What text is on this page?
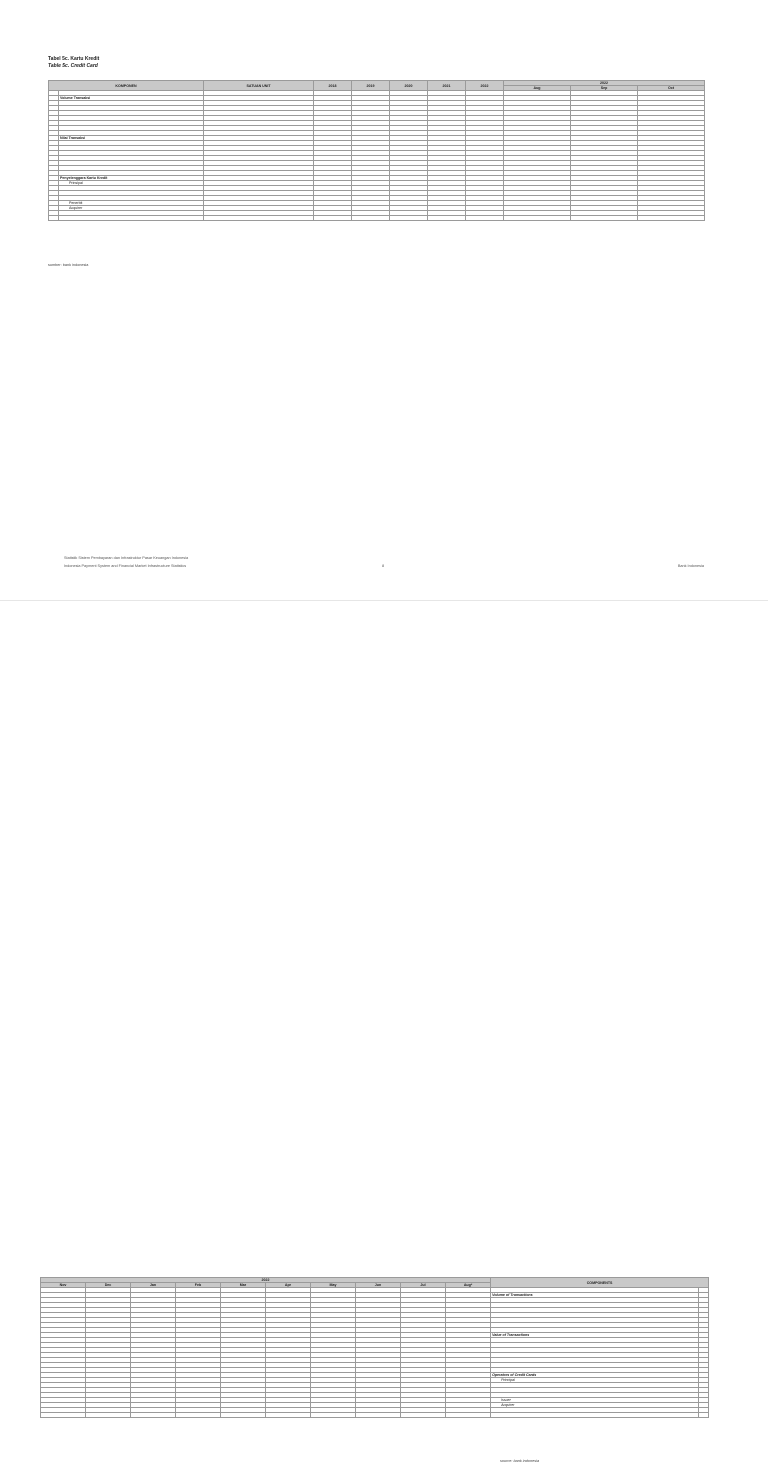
Tabel 5c. Kartu Kredit
Table 5c. Credit Card
KOMPONEN		SATUAN UNIT	2018	2019	2020	2021	2022	2022		
								Aug	Sep	Oct

	Volume Transaksi									

	Nilai Transaksi									

	Penyelenggara Kartu Kredit									
	Prinsipal									

	Penerbit									
	Acquirer									

sumber: bank indonesia
Statistik Sistem Pembayaran dan Infrastruktur Pasar Keuangan Indonesia
Indonesia Payment System and Financial Market Infrastructure Statistics	8	Bank Indonesia
2022										COMPONENTS	
Nov	Dec	Jan	Feb	Mar	Apr	May	Jun	Jul	Aug*		

										Volume of Transactions	

										Value of Transactions	

										Operators of Credit Cards	
										Principal	

										Issuer	
										Acquirer	

source: bank indonesia
